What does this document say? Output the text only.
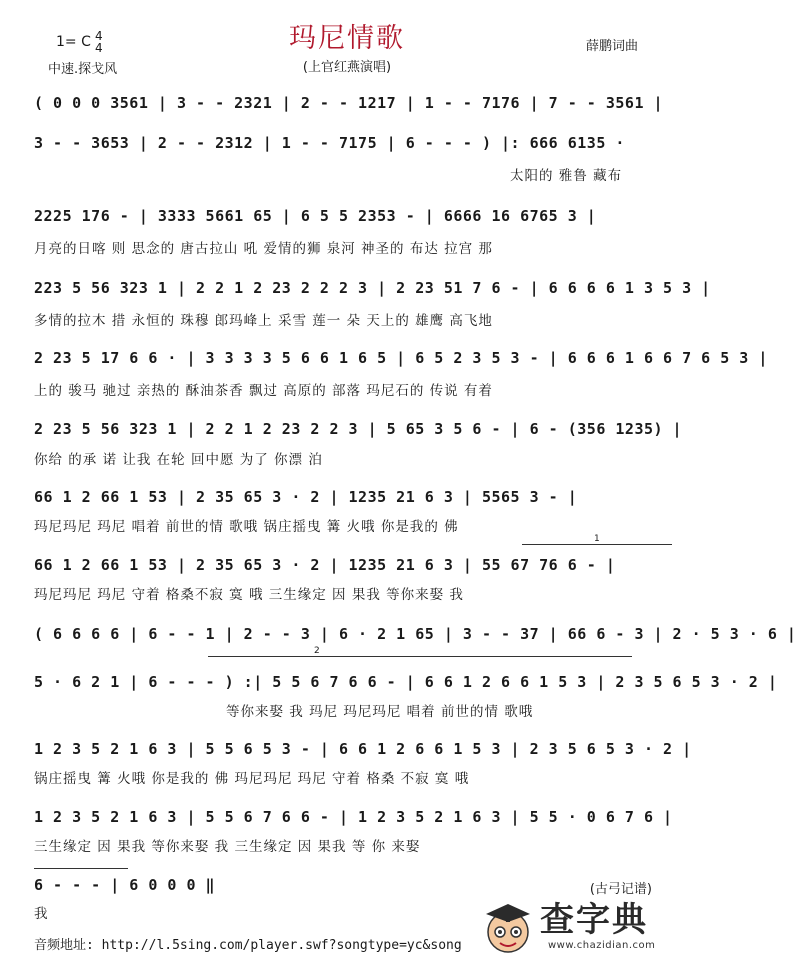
玛尼情歌
1= C 4
4
中速.探戈风	(上官红燕演唱)
薛鹏词曲
( 0 0 0 3561 | 3 - - 2321 | 2 - - 1217 | 1 - - 7176 | 7 - - 3561 |
3 - - 3653 | 2 - - 2312 | 1 - - 7175 | 6 - - - ) |: 666 6135 ·
太阳的 雅鲁 藏布
2225 176 - | 3333 5661 65 | 6 5 5 2353 - | 6666 16 6765 3 |
月亮的日喀 则 思念的 唐古拉山 吼 爱情的狮 泉河 神圣的 布达 拉宫 那
223 5 56 323 1 | 2 2 1 2 23 2 2 2 3 | 2 23 51 7 6 - | 6 6 6 6 1 3 5 3 |
多情的拉木 措 永恒的 珠穆 郎玛峰上 采雪 莲一 朵 天上的 雄鹰 高飞地
2 23 5 17 6 6 · | 3 3 3 3 5 6 6 1 6 5 | 6 5 2 3 5 3 - | 6 6 6 1 6 6 7 6 5 3 |
上的 骏马 驰过 亲热的 酥油茶香 飘过 高原的 部落 玛尼石的 传说 有着
2 23 5 56 323 1 | 2 2 1 2 23 2 2 3 | 5 65 3 5 6 - | 6 - (356 1235) |
你给 的承 诺 让我 在轮 回中愿 为了 你漂 泊
66 1 2 66 1 53 | 2 35 65 3 · 2 | 1235 21 6 3 | 5565 3 - |
玛尼玛尼 玛尼 唱着 前世的情 歌哦 锅庄摇曳 篝 火哦 你是我的 佛
1
66 1 2 66 1 53 | 2 35 65 3 · 2 | 1235 21 6 3 | 55 67 76 6 - |
玛尼玛尼 玛尼 守着 格桑不寂 寞 哦 三生缘定 因 果我 等你来娶 我
( 6 6 6 6 | 6 - - 1 | 2 - - 3 | 6 · 2 1 65 | 3 - - 37 | 66 6 - 3 | 2 · 5 3 · 6 |
2
5 · 6 2 1 | 6 - - - ) :| 5 5 6 7 6 6 - | 6 6 1 2 6 6 1 5 3 | 2 3 5 6 5 3 · 2 |
等你来娶 我 玛尼 玛尼玛尼 唱着 前世的情 歌哦
1 2 3 5 2 1 6 3 | 5 5 6 5 3 - | 6 6 1 2 6 6 1 5 3 | 2 3 5 6 5 3 · 2 |
锅庄摇曳 篝 火哦 你是我的 佛 玛尼玛尼 玛尼 守着 格桑 不寂 寞 哦
1 2 3 5 2 1 6 3 | 5 5 6 7 6 6 - | 1 2 3 5 2 1 6 3 | 5 5 · 0 6 7 6 |
三生缘定 因 果我 等你来娶 我 三生缘定 因 果我 等 你 来娶
6 - - - | 6 0 0 0 ‖
我
(古弓记谱)
音频地址: http://l.5sing.com/player.swf?songtype=yc&song
查字典
www.chazidian.com
